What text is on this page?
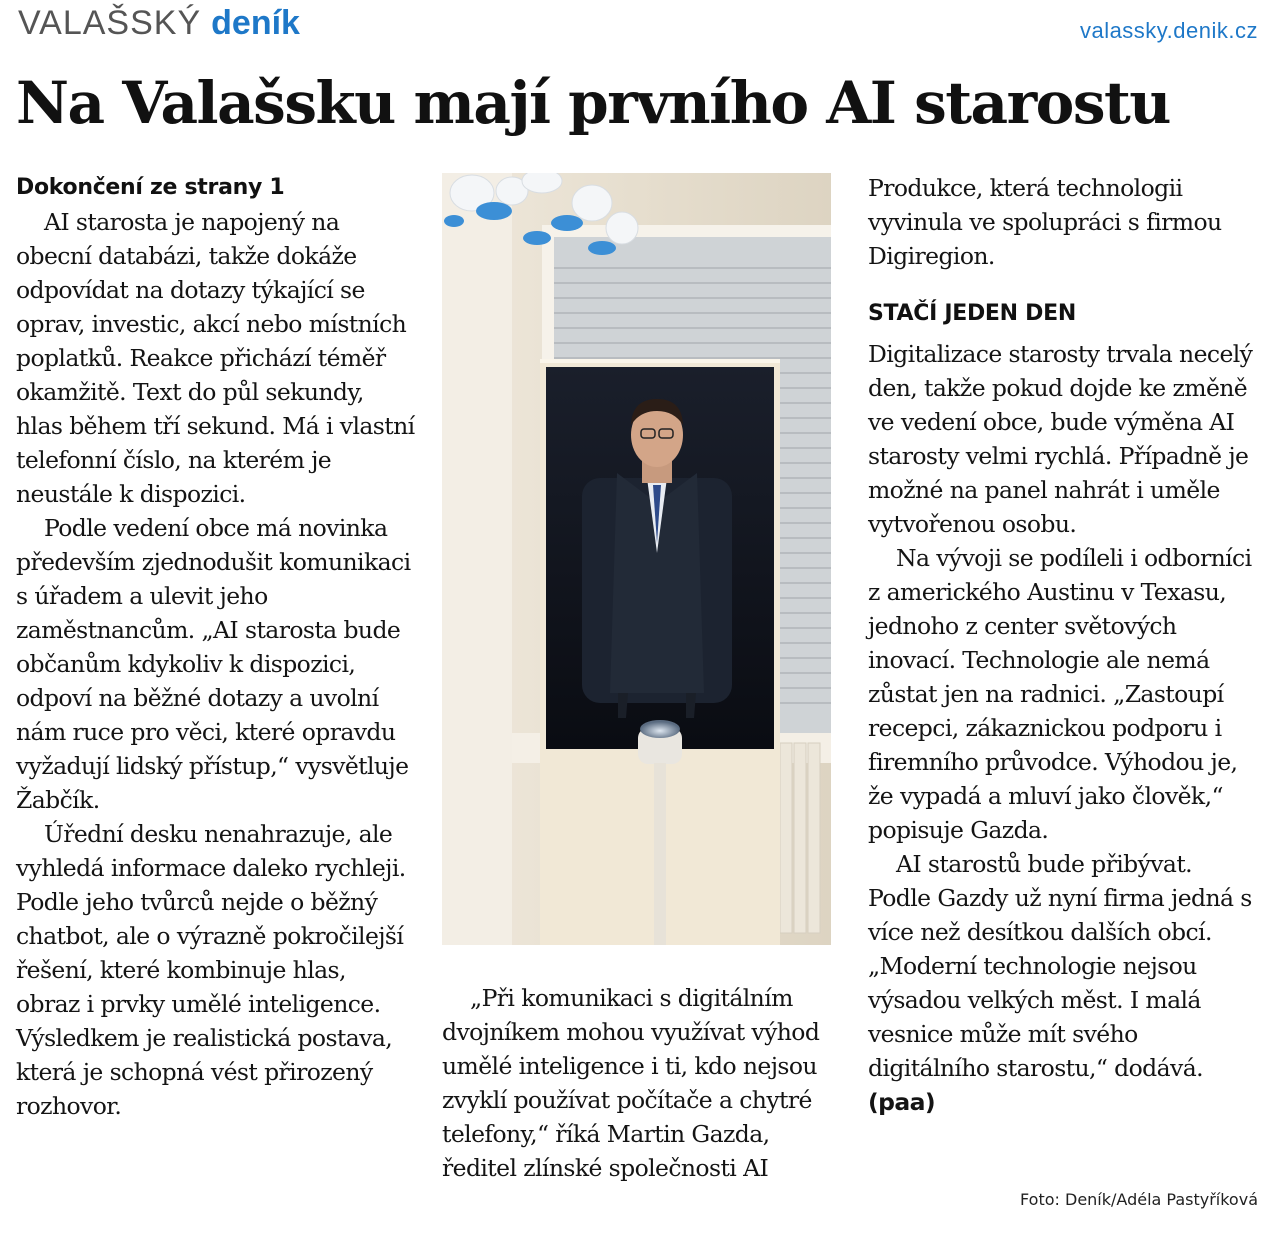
VALAŠSKÝ deník	valassky.denik.cz
Na Valašsku mají prvního AI starostu
Dokončení ze strany 1

AI starosta je napojený na obecní databázi, takže dokáže odpovídat na dotazy týkající se oprav, investic, akcí nebo místních poplatků. Reakce přichází téměř okamžitě. Text do půl sekundy, hlas během tří sekund. Má i vlastní telefonní číslo, na kterém je neustále k dispozici.

Podle vedení obce má novinka především zjednodušit komunikaci s úřadem a ulevit jeho zaměstnancům. „AI starosta bude občanům kdykoliv k dispozici, odpoví na běžné dotazy a uvolní nám ruce pro věci, které opravdu vyžadují lidský přístup,“ vysvětluje Žabčík.

Úřední desku nenahrazuje, ale vyhledá informace daleko rychleji. Podle jeho tvůrců nejde o běžný chatbot, ale o výrazně pokročilejší řešení, které kombinuje hlas, obraz i prvky umělé inteligence. Výsledkem je realistická postava, která je schopná vést přirozený rozhovor.

„Při komunikaci s digitálním dvojníkem mohou využívat výhod umělé inteligence i ti, kdo nejsou zvyklí používat počítače a chytré telefony,“ říká Martin Gazda, ředitel zlínské společnosti AI

Produkce, která technologii vyvinula ve spolupráci s firmou Digiregion.

STAČÍ JEDEN DEN

Digitalizace starosty trvala necelý den, takže pokud dojde ke změně ve vedení obce, bude výměna AI starosty velmi rychlá. Případně je možné na panel nahrát i uměle vytvořenou osobu.

Na vývoji se podíleli i odborníci z amerického Austinu v Texasu, jednoho z center světových inovací. Technologie ale nemá zůstat jen na radnici. „Zastoupí recepci, zákaznickou podporu i firemního průvodce. Výhodou je, že vypadá a mluví jako člověk,“ popisuje Gazda.

AI starostů bude přibývat. Podle Gazdy už nyní firma jedná s více než desítkou dalších obcí. „Moderní technologie nejsou výsadou velkých měst. I malá vesnice může mít svého digitálního starostu,“ dodává. (paa)

Foto: Deník/Adéla Pastyříková
